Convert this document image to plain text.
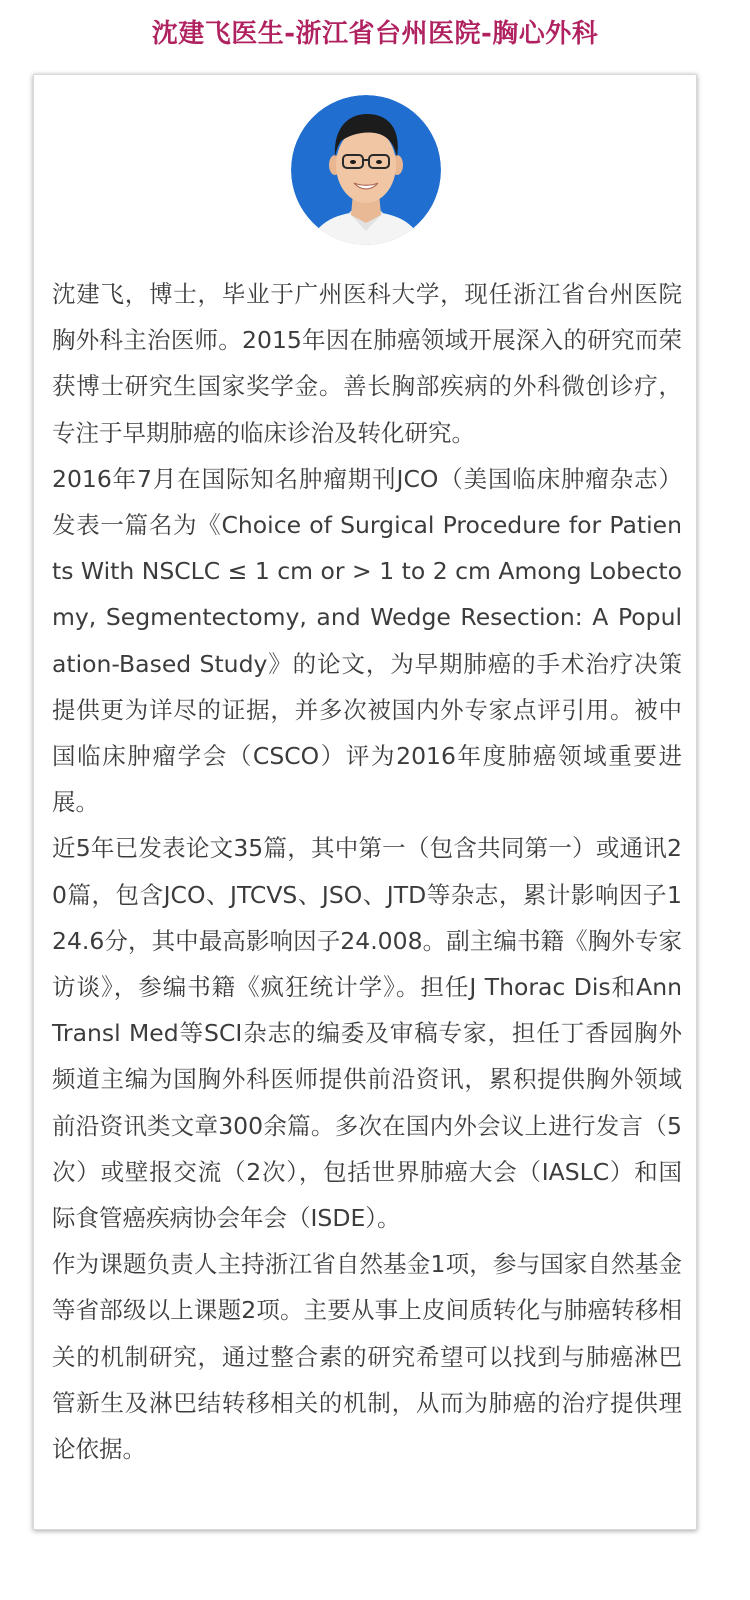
沈建飞医生-浙江省台州医院-胸心外科

沈建飞，博士，毕业于广州医科大学，现任浙江省台州医院胸外科主治医师。2015年因在肺癌领域开展深入的研究而荣获博士研究生国家奖学金。善长胸部疾病的外科微创诊疗，专注于早期肺癌的临床诊治及转化研究。

2016年7月在国际知名肿瘤期刊JCO（美国临床肿瘤杂志）发表一篇名为《Choice of Surgical Procedure for Patients With NSCLC ≤ 1 cm or > 1 to 2 cm Among Lobectomy, Segmentectomy, and Wedge Resection: A Population-Based Study》的论文，为早期肺癌的手术治疗决策提供更为详尽的证据，并多次被国内外专家点评引用。被中国临床肿瘤学会（CSCO）评为2016年度肺癌领域重要进展。

近5年已发表论文35篇，其中第一（包含共同第一）或通讯20篇，包含JCO、JTCVS、JSO、JTD等杂志，累计影响因子124.6分，其中最高影响因子24.008。副主编书籍《胸外专家访谈》，参编书籍《疯狂统计学》。担任J Thorac Dis和Ann Transl Med等SCI杂志的编委及审稿专家，担任丁香园胸外频道主编为国胸外科医师提供前沿资讯，累积提供胸外领域前沿资讯类文章300余篇。多次在国内外会议上进行发言（5次）或壁报交流（2次），包括世界肺癌大会（IASLC）和国际食管癌疾病协会年会（ISDE）。

作为课题负责人主持浙江省自然基金1项，参与国家自然基金等省部级以上课题2项。主要从事上皮间质转化与肺癌转移相关的机制研究，通过整合素的研究希望可以找到与肺癌淋巴管新生及淋巴结转移相关的机制，从而为肺癌的治疗提供理论依据。
